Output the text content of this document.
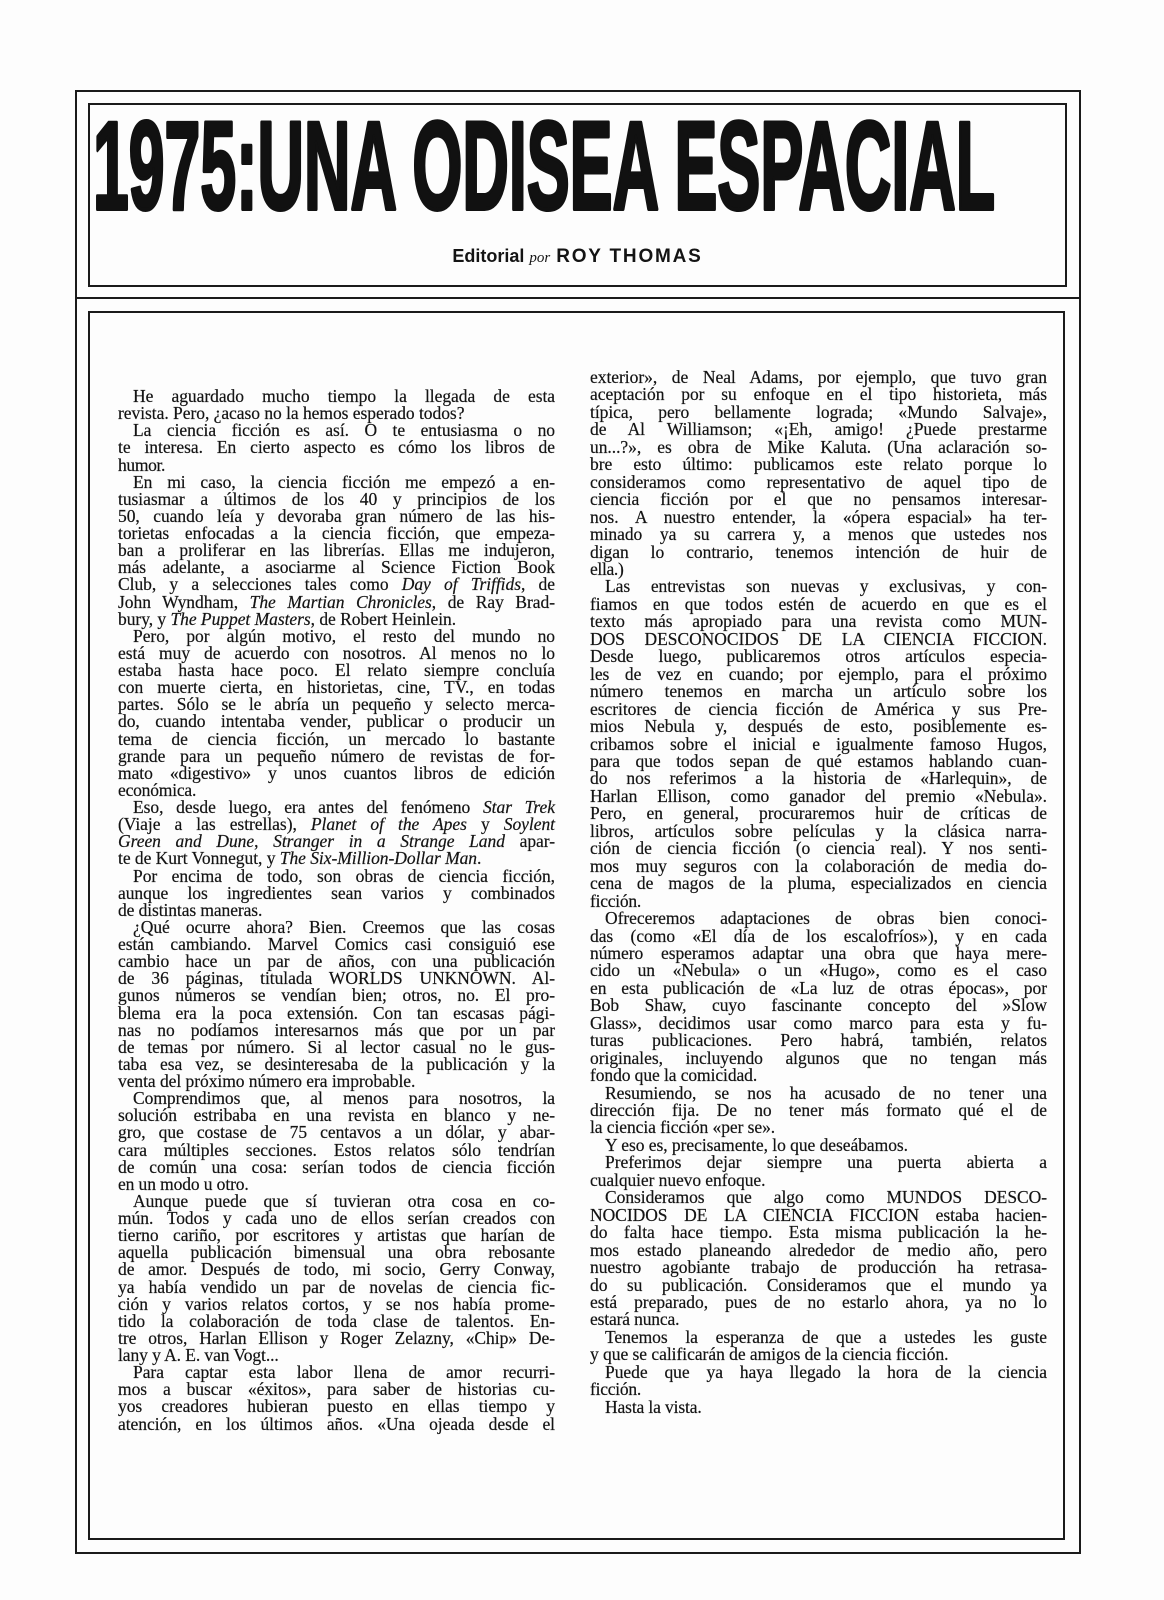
1975:UNA ODISEA ESPACIAL
Editorial por ROY THOMAS
He aguardado mucho tiempo la llegada de esta
revista. Pero, ¿acaso no la hemos esperado todos?
La ciencia ficción es así. O te entusiasma o no
te interesa. En cierto aspecto es cómo los libros de
humor.
En mi caso, la ciencia ficción me empezó a en-
tusiasmar a últimos de los 40 y principios de los
50, cuando leía y devoraba gran número de las his-
torietas enfocadas a la ciencia ficción, que empeza-
ban a proliferar en las librerías. Ellas me indujeron,
más adelante, a asociarme al Science Fiction Book
Club, y a selecciones tales como Day of Triffids, de
John Wyndham, The Martian Chronicles, de Ray Brad-
bury, y The Puppet Masters, de Robert Heinlein.
Pero, por algún motivo, el resto del mundo no
está muy de acuerdo con nosotros. Al menos no lo
estaba hasta hace poco. El relato siempre concluía
con muerte cierta, en historietas, cine, TV., en todas
partes. Sólo se le abría un pequeño y selecto merca-
do, cuando intentaba vender, publicar o producir un
tema de ciencia ficción, un mercado lo bastante
grande para un pequeño número de revistas de for-
mato «digestivo» y unos cuantos libros de edición
económica.
Eso, desde luego, era antes del fenómeno Star Trek
(Viaje a las estrellas), Planet of the Apes y Soylent
Green and Dune, Stranger in a Strange Land apar-
te de Kurt Vonnegut, y The Six-Million-Dollar Man.
Por encima de todo, son obras de ciencia ficción,
aunque los ingredientes sean varios y combinados
de distintas maneras.
¿Qué ocurre ahora? Bien. Creemos que las cosas
están cambiando. Marvel Comics casi consiguió ese
cambio hace un par de años, con una publicación
de 36 páginas, titulada WORLDS UNKNOWN. Al-
gunos números se vendían bien; otros, no. El pro-
blema era la poca extensión. Con tan escasas pági-
nas no podíamos interesarnos más que por un par
de temas por número. Si al lector casual no le gus-
taba esa vez, se desinteresaba de la publicación y la
venta del próximo número era improbable.
Comprendimos que, al menos para nosotros, la
solución estribaba en una revista en blanco y ne-
gro, que costase de 75 centavos a un dólar, y abar-
cara múltiples secciones. Estos relatos sólo tendrían
de común una cosa: serían todos de ciencia ficción
en un modo u otro.
Aunque puede que sí tuvieran otra cosa en co-
mún. Todos y cada uno de ellos serían creados con
tierno cariño, por escritores y artistas que harían de
aquella publicación bimensual una obra rebosante
de amor. Después de todo, mi socio, Gerry Conway,
ya había vendido un par de novelas de ciencia fic-
ción y varios relatos cortos, y se nos había prome-
tido la colaboración de toda clase de talentos. En-
tre otros, Harlan Ellison y Roger Zelazny, «Chip» De-
lany y A. E. van Vogt...
Para captar esta labor llena de amor recurri-
mos a buscar «éxitos», para saber de historias cu-
yos creadores hubieran puesto en ellas tiempo y
atención, en los últimos años. «Una ojeada desde el
exterior», de Neal Adams, por ejemplo, que tuvo gran
aceptación por su enfoque en el tipo historieta, más
típica, pero bellamente lograda; «Mundo Salvaje»,
de Al Williamson; «¡Eh, amigo! ¿Puede prestarme
un...?», es obra de Mike Kaluta. (Una aclaración so-
bre esto último: publicamos este relato porque lo
consideramos como representativo de aquel tipo de
ciencia ficción por el que no pensamos interesar-
nos. A nuestro entender, la «ópera espacial» ha ter-
minado ya su carrera y, a menos que ustedes nos
digan lo contrario, tenemos intención de huir de
ella.)
Las entrevistas son nuevas y exclusivas, y con-
fiamos en que todos estén de acuerdo en que es el
texto más apropiado para una revista como MUN-
DOS DESCONOCIDOS DE LA CIENCIA FICCION.
Desde luego, publicaremos otros artículos especia-
les de vez en cuando; por ejemplo, para el próximo
número tenemos en marcha un artículo sobre los
escritores de ciencia ficción de América y sus Pre-
mios Nebula y, después de esto, posiblemente es-
cribamos sobre el inicial e igualmente famoso Hugos,
para que todos sepan de qué estamos hablando cuan-
do nos referimos a la historia de «Harlequin», de
Harlan Ellison, como ganador del premio «Nebula».
Pero, en general, procuraremos huir de críticas de
libros, artículos sobre películas y la clásica narra-
ción de ciencia ficción (o ciencia real). Y nos senti-
mos muy seguros con la colaboración de media do-
cena de magos de la pluma, especializados en ciencia
ficción.
Ofreceremos adaptaciones de obras bien conoci-
das (como «El día de los escalofríos»), y en cada
número esperamos adaptar una obra que haya mere-
cido un «Nebula» o un «Hugo», como es el caso
en esta publicación de «La luz de otras épocas», por
Bob Shaw, cuyo fascinante concepto del »Slow
Glass», decidimos usar como marco para esta y fu-
turas publicaciones. Pero habrá, también, relatos
originales, incluyendo algunos que no tengan más
fondo que la comicidad.
Resumiendo, se nos ha acusado de no tener una
dirección fija. De no tener más formato qué el de
la ciencia ficción «per se».
Y eso es, precisamente, lo que deseábamos.
Preferimos dejar siempre una puerta abierta a
cualquier nuevo enfoque.
Consideramos que algo como MUNDOS DESCO-
NOCIDOS DE LA CIENCIA FICCION estaba hacien-
do falta hace tiempo. Esta misma publicación la he-
mos estado planeando alrededor de medio año, pero
nuestro agobiante trabajo de producción ha retrasa-
do su publicación. Consideramos que el mundo ya
está preparado, pues de no estarlo ahora, ya no lo
estará nunca.
Tenemos la esperanza de que a ustedes les guste
y que se calificarán de amigos de la ciencia ficción.
Puede que ya haya llegado la hora de la ciencia
ficción.
Hasta la vista.
